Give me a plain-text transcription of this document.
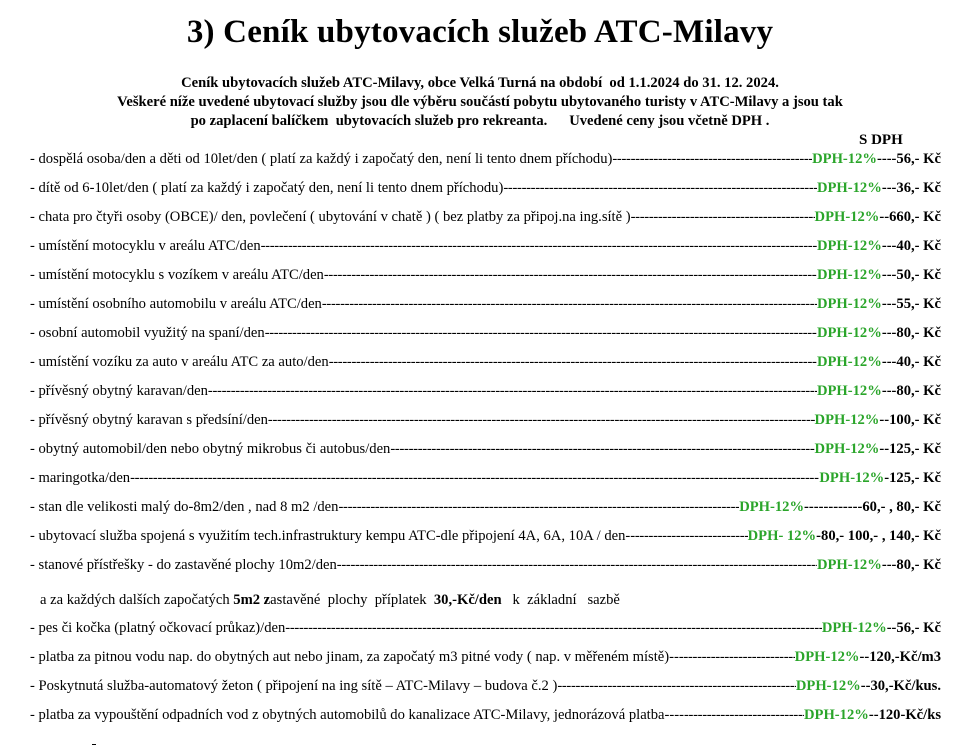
3) Ceník ubytovacích služeb ATC-Milavy
Ceník ubytovacích služeb ATC-Milavy, obce Velká Turná na období  od 1.1.2024 do 31. 12. 2024.
Veškeré níže uvedené ubytovací služby jsou dle výběru součástí pobytu ubytovaného turisty v ATC-Milavy a jsou tak
po zaplacení balíčkem  ubytovacích služeb pro rekreanta.      Uvedené ceny jsou včetně DPH .
S DPH
- dospělá osoba/den a děti od 10let/den ( platí za každý i započatý den, není li tento dnem příchodu) -----	DPH-12% ----56,- Kč
- dítě od 6-10let/den ( platí za každý i započatý den, není li tento dnem příchodu) -----	DPH-12% ---36,- Kč
- chata pro čtyři osoby (OBCE)/ den, povlečení ( ubytování v chatě ) ( bez platby za připoj.na ing.sítě ) -----	DPH-12% --660,- Kč
- umístění motocyklu v areálu ATC/den -----	DPH-12% ---40,- Kč
- umístění motocyklu s vozíkem v areálu ATC/den -----	DPH-12% ---50,- Kč
- umístění osobního automobilu v areálu ATC/den -----	DPH-12% ---55,- Kč
- osobní automobil využitý na spaní/den -----	DPH-12% ---80,- Kč
- umístění vozíku za auto v areálu ATC za auto/den -----	DPH-12% ---40,- Kč
- přívěsný obytný karavan/den -----	DPH-12% ---80,- Kč
- přívěsný obytný karavan s předsíní/den -----	DPH-12% --100,- Kč
- obytný automobil/den nebo obytný mikrobus či autobus/den -----	DPH-12% --125,- Kč
- maringotka/den -----	DPH-12% -125,- Kč
- stan dle velikosti malý do-8m2/den , nad 8 m2 /den -----	DPH-12% ------------60,- , 80,- Kč
- ubytovací služba spojená s využitím tech.infrastruktury kempu ATC-dle připojení 4A, 6A, 10A / den- -----	DPH- 12% -80,- 100,- , 140,- Kč
- stanové přístřešky - do zastavěné plochy 10m2/den -----	DPH-12% ---80,- Kč
a za každých dalších započatých 5m2 zastavěné  plochy  příplatek  30,-Kč/den   k  základní   sazbě
- pes či kočka (platný očkovací průkaz)/den -----	DPH-12% --56,- Kč
- platba za pitnou vodu nap. do obytných aut nebo jinam, za započatý m3 pitné vody ( nap. v měřeném místě)-- -----	DPH-12% --120,-Kč/m3
- Poskytnutá služba-automatový žeton ( připojení na ing sítě – ATC-Milavy – budova č.2 ) -----	DPH-12% --30,-Kč/kus.
- platba za vypouštění odpadních vod z obytných automobilů do kanalizace ATC-Milavy, jednorázová platba---- -----	DPH-12% --120-Kč/ks
